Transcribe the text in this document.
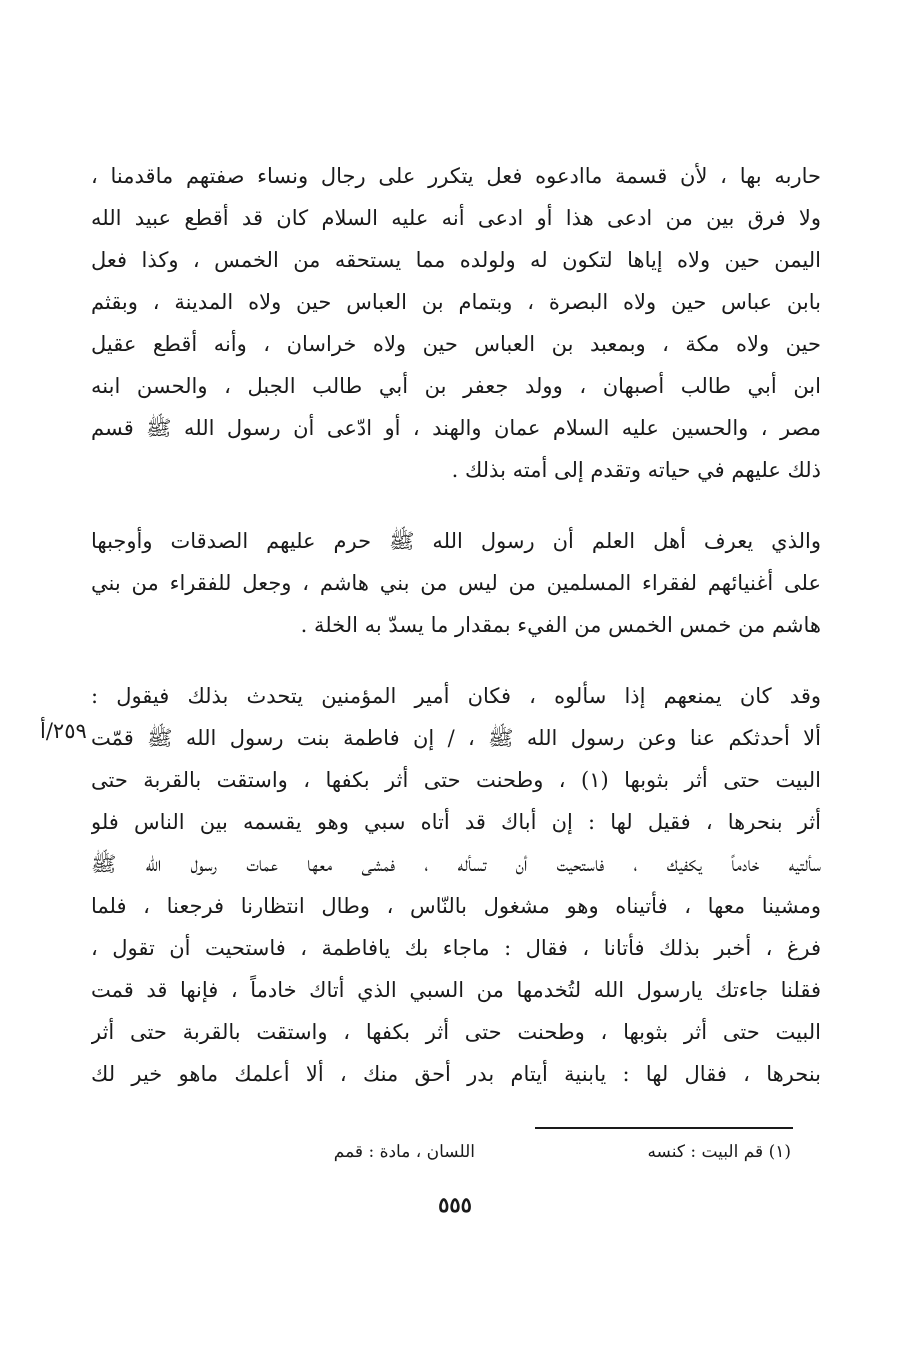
حاربه بها ، لأن قسمة ماادعوه فعل يتكرر على رجال ونساء صفتهم ماقدمنا ،
ولا فرق بين من ادعى هذا أو ادعى أنه عليه السلام كان قد أقطع عبيد الله
اليمن حين ولاه إياها لتكون له ولولده مما يستحقه من الخمس ، وكذا فعل
بابن عباس حين ولاه البصرة ، وبتمام بن العباس حين ولاه المدينة ، وبقثم
حين ولاه مكة ، وبمعبد بن العباس حين ولاه خراسان ، وأنه أقطع عقيل
ابن أبي طالب أصبهان ، وولد جعفر بن أبي طالب الجبل ، والحسن ابنه
مصر ، والحسين عليه السلام عمان والهند ، أو ادّعى أن رسول الله ﷺ قسم
ذلك عليهم في حياته وتقدم إلى أمته بذلك .
والذي يعرف أهل العلم أن رسول الله ﷺ حرم عليهم الصدقات وأوجبها
على أغنيائهم لفقراء المسلمين من ليس من بني هاشم ، وجعل للفقراء من بني
هاشم من خمس الخمس من الفيء بمقدار ما يسدّ به الخلة .
وقد كان يمنعهم إذا سألوه ، فكان أمير المؤمنين يتحدث بذلك فيقول :
ألا أحدثكم عنا وعن رسول الله ﷺ ، / إن فاطمة بنت رسول الله ﷺ قمّت
البيت حتى أثر بثوبها (١) ، وطحنت حتى أثر بكفها ، واستقت بالقربة حتى
أثر بنحرها ، فقيل لها : إن أباك قد أتاه سبي وهو يقسمه بين الناس فلو
سألتيه خادماً يكفيك ، فاستحيت أن تسأله ، فمشى معها عمات رسول الله ﷺ
ومشينا معها ، فأتيناه وهو مشغول بالنّاس ، وطال انتظارنا فرجعنا ، فلما
فرغ ، أخبر بذلك فأتانا ، فقال : ماجاء بك يافاطمة ، فاستحيت أن تقول ،
فقلنا جاءتك يارسول الله لتُخدمها من السبي الذي أتاك خادماً ، فإنها قد قمت
البيت حتى أثر بثوبها ، وطحنت حتى أثر بكفها ، واستقت بالقربة حتى أثر
بنحرها ، فقال لها : يابنية أيتام بدر أحق منك ، ألا أعلمك ماهو خير لك
٢٥٩/أ
(١) قم البيت : كنسه
اللسان ، مادة : قمم
٥٥٥
